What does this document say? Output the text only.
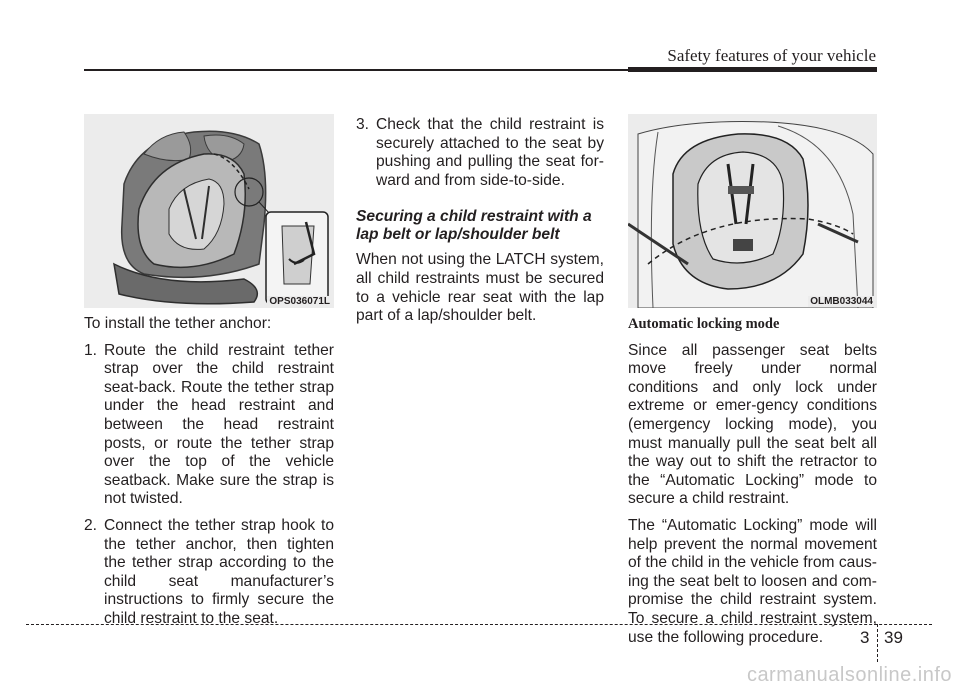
Safety features of your vehicle
OPS036071L

To install the tether anchor:

1. Route the child restraint tether strap over the child restraint seat-back. Route the tether strap under the head restraint and between the head restraint posts, or route the tether strap over the top of the vehicle seatback. Make sure the strap is not twisted.
2. Connect the tether strap hook to the tether anchor, then tighten the tether strap according to the child seat manufacturer’s instructions to firmly secure the child restraint to the seat.
3. Check that the child restraint is securely attached to the seat by pushing and pulling the seat for-ward and from side-to-side.
Securing a child restraint with a lap belt or lap/shoulder belt

When not using the LATCH system, all child restraints must be secured to a vehicle rear seat with the lap part of a lap/shoulder belt.

OLMB033044
Automatic locking mode

Since all passenger seat belts move freely under normal conditions and only lock under extreme or emer-gency conditions (emergency locking mode), you must manually pull the seat belt all the way out to shift the retractor to the “Automatic Locking” mode to secure a child restraint.

The “Automatic Locking” mode will help prevent the normal movement of the child in the vehicle from caus-ing the seat belt to loosen and com-promise the child restraint system. To secure a child restraint system, use the following procedure.	3 39
carmanualsonline.info
